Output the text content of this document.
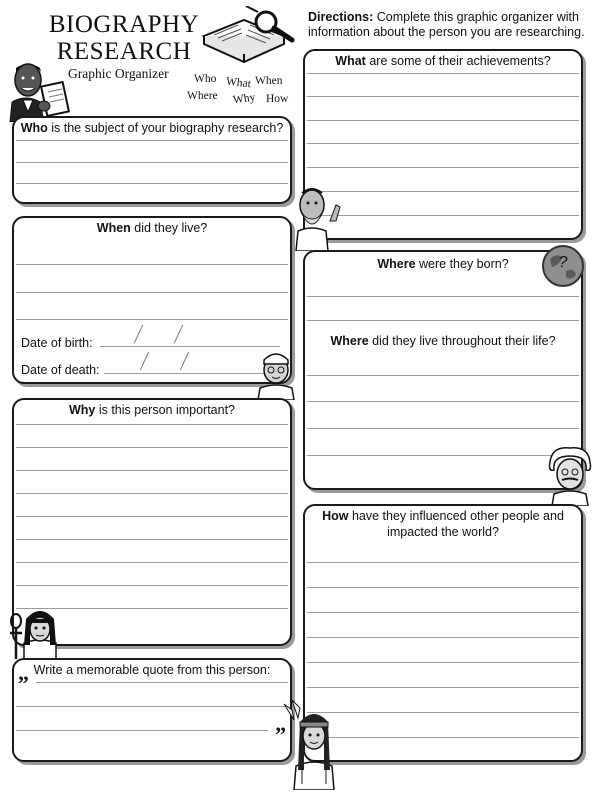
BIOGRAPHY
RESEARCH
Graphic Organizer Who What When
Where Why How
Directions: Complete this graphic organizer with information about the person you are researching.
Who is the subject of your biography research?
What are some of their achievements?
When did they live?
Date of birth:
Date of death:
Where were they born?
Where did they live throughout their life?
?
Why is this person important?
Write a memorable quote from this person:
„
”
How have they influenced other people and impacted the world?
